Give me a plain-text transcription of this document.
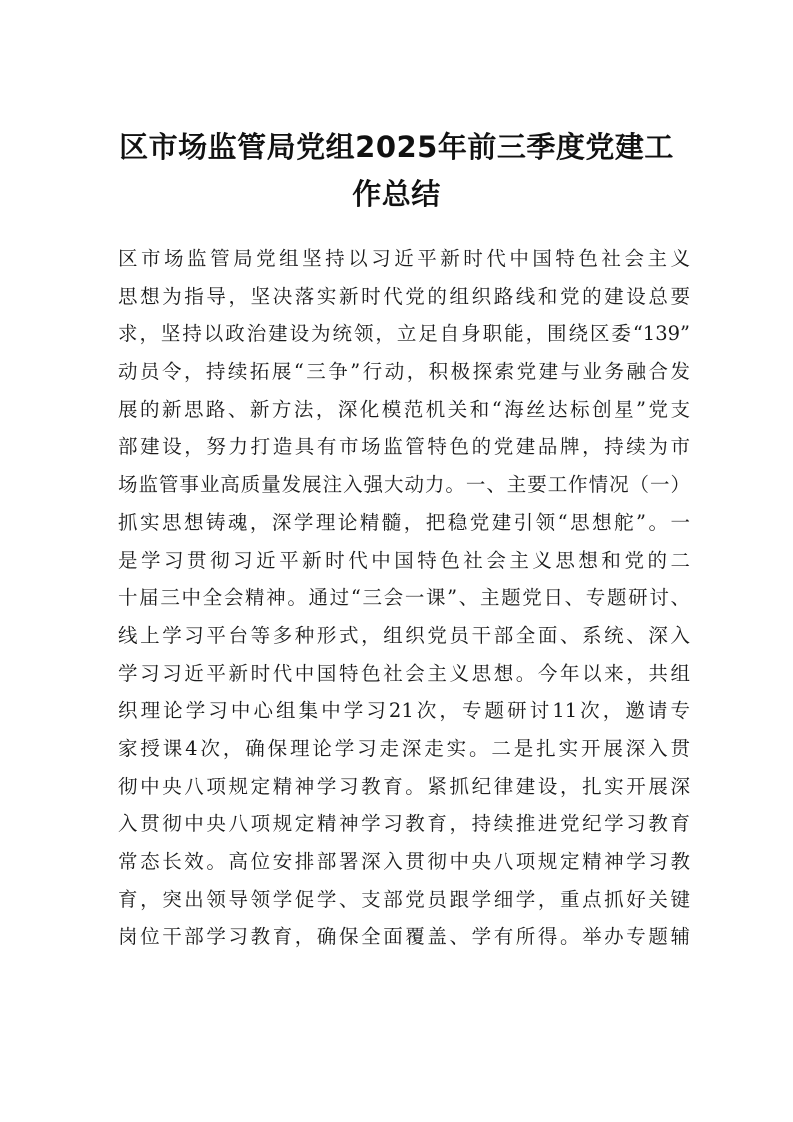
区市场监管局党组2025年前三季度党建工
作总结
区市场监管局党组坚持以习近平新时代中国特色社会主义
思想为指导，坚决落实新时代党的组织路线和党的建设总要
求，坚持以政治建设为统领，立足自身职能，围绕区委“139”
动员令，持续拓展“三争”行动，积极探索党建与业务融合发
展的新思路、新方法，深化模范机关和“海丝达标创星”党支
部建设，努力打造具有市场监管特色的党建品牌，持续为市
场监管事业高质量发展注入强大动力。一、主要工作情况（一）
抓实思想铸魂，深学理论精髓，把稳党建引领“思想舵”。一
是学习贯彻习近平新时代中国特色社会主义思想和党的二
十届三中全会精神。通过“三会一课”、主题党日、专题研讨、
线上学习平台等多种形式，组织党员干部全面、系统、深入
学习习近平新时代中国特色社会主义思想。今年以来，共组
织理论学习中心组集中学习21次，专题研讨11次，邀请专
家授课4次，确保理论学习走深走实。二是扎实开展深入贯
彻中央八项规定精神学习教育。紧抓纪律建设，扎实开展深
入贯彻中央八项规定精神学习教育，持续推进党纪学习教育
常态长效。高位安排部署深入贯彻中央八项规定精神学习教
育，突出领导领学促学、支部党员跟学细学，重点抓好关键
岗位干部学习教育，确保全面覆盖、学有所得。举办专题辅
